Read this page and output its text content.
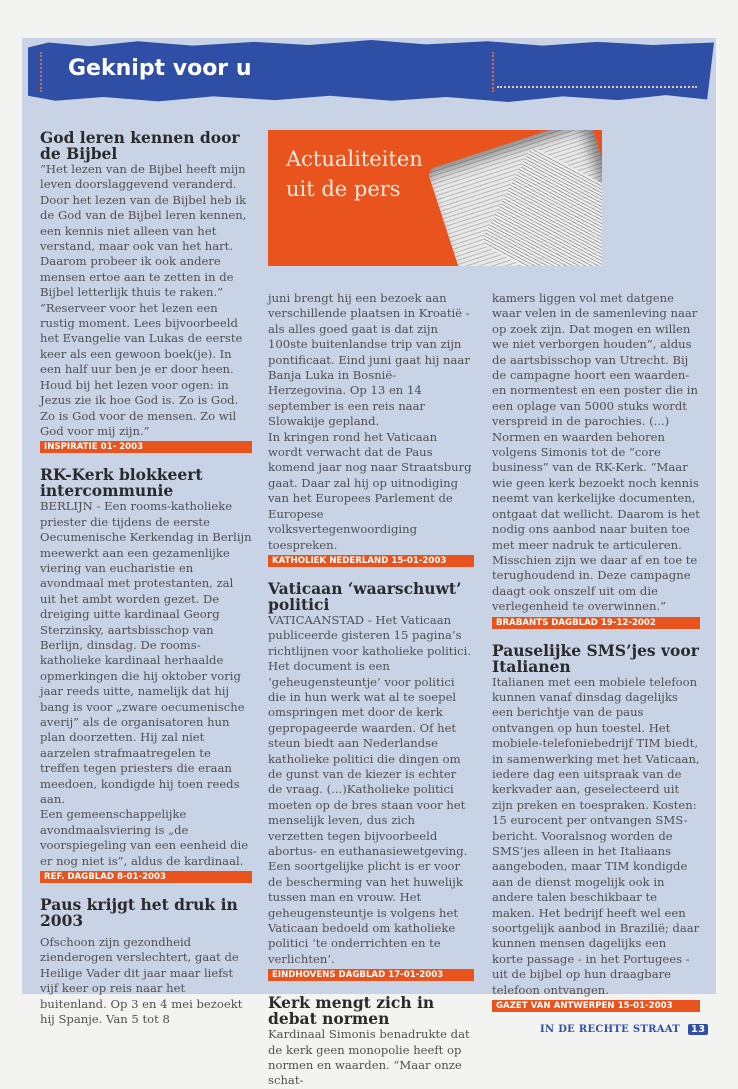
Geknipt voor u
Actualiteiten
uit de pers
God leren kennen door de Bijbel

“Het lezen van de Bijbel heeft mijn leven doorslaggevend veranderd. Door het lezen van de Bijbel heb ik de God van de Bijbel leren kennen, een kennis niet alleen van het verstand, maar ook van het hart. Daarom probeer ik ook andere mensen ertoe aan te zetten in de Bijbel letterlijk thuis te raken.”

“Reserveer voor het lezen een rustig moment. Lees bijvoorbeeld het Evangelie van Lukas de eerste keer als een gewoon boek(je). In een half uur ben je er door heen. Houd bij het lezen voor ogen: in Jezus zie ik hoe God is. Zo is God. Zo is God voor de mensen. Zo wil God voor mij zijn.”

INSPIRATIE 01- 2003
RK-Kerk blokkeert intercommunie

BERLIJN - Een rooms-katholieke priester die tijdens de eerste Oecumenische Kerkendag in Berlijn meewerkt aan een gezamenlijke viering van eucharistie en avondmaal met protestanten, zal uit het ambt worden gezet. De dreiging uitte kardinaal Georg Sterzinsky, aartsbisschop van Berlijn, dinsdag. De rooms-katholieke kardinaal herhaalde opmerkingen die hij oktober vorig jaar reeds uitte, namelijk dat hij bang is voor „zware oecumenische averij” als de organisatoren hun plan doorzetten. Hij zal niet aarzelen strafmaatregelen te treffen tegen priesters die eraan meedoen, kondigde hij toen reeds aan.

Een gemeenschappelijke avondmaalsviering is „de voorspiegeling van een eenheid die er nog niet is”, aldus de kardinaal.

REF. DAGBLAD 8-01-2003
Paus krijgt het druk in 2003

Ofschoon zijn gezondheid zienderogen verslechtert, gaat de Heilige Vader dit jaar maar liefst vijf keer op reis naar het buitenland. Op 3 en 4 mei bezoekt hij Spanje. Van 5 tot 8

juni brengt hij een bezoek aan verschillende plaatsen in Kroatië - als alles goed gaat is dat zijn 100ste buitenlandse trip van zijn pontificaat. Eind juni gaat hij naar Banja Luka in Bosnië-Herzegovina. Op 13 en 14 september is een reis naar Slowakije gepland.

In kringen rond het Vaticaan wordt verwacht dat de Paus komend jaar nog naar Straatsburg gaat. Daar zal hij op uitnodiging van het Europees Parlement de Europese volksvertegenwoordiging toespreken.

KATHOLIEK NEDERLAND 15-01-2003
Vaticaan ‘waarschuwt’ politici

VATICAANSTAD - Het Vaticaan publiceerde gisteren 15 pagina’s richtlijnen voor katholieke politici. Het document is een ‘geheugensteuntje’ voor politici die in hun werk wat al te soepel omspringen met door de kerk gepropageerde waarden. Of het steun biedt aan Nederlandse katholieke politici die dingen om de gunst van de kiezer is echter de vraag. (...)Katholieke politici moeten op de bres staan voor het menselijk leven, dus zich verzetten tegen bijvoorbeeld abortus- en euthanasiewetgeving. Een soortgelijke plicht is er voor de bescherming van het huwelijk tussen man en vrouw. Het geheugensteuntje is volgens het Vaticaan bedoeld om katholieke politici ‘te onderrichten en te verlichten’.

EINDHOVENS DAGBLAD 17-01-2003
Kerk mengt zich in debat normen

Kardinaal Simonis benadrukte dat de kerk geen monopolie heeft op normen en waarden. “Maar onze schat-

kamers liggen vol met datgene waar velen in de samenleving naar op zoek zijn. Dat mogen en willen we niet verborgen houden”, aldus de aartsbisschop van Utrecht. Bij de campagne hoort een waarden- en normentest en een poster die in een oplage van 5000 stuks wordt verspreid in de parochies. (...) Normen en waarden behoren volgens Simonis tot de “core business” van de RK-Kerk. “Maar wie geen kerk bezoekt noch kennis neemt van kerkelijke documenten, ontgaat dat wellicht. Daarom is het nodig ons aanbod naar buiten toe met meer nadruk te articuleren. Misschien zijn we daar af en toe te terughoudend in. Deze campagne daagt ook onszelf uit om die verlegenheid te overwinnen.”

BRABANTS DAGBLAD 19-12-2002
Pauselijke SMS’jes voor Italianen

Italianen met een mobiele telefoon kunnen vanaf dinsdag dagelijks een berichtje van de paus ontvangen op hun toestel. Het mobiele-telefoniebedrijf TIM biedt, in samenwerking met het Vaticaan, iedere dag een uitspraak van de kerkvader aan, geselecteerd uit zijn preken en toespraken. Kosten: 15 eurocent per ontvangen SMS-bericht. Vooralsnog worden de SMS’jes alleen in het Italiaans aangeboden, maar TIM kondigde aan de dienst mogelijk ook in andere talen beschikbaar te maken. Het bedrijf heeft wel een soortgelijk aanbod in Brazilië; daar kunnen mensen dagelijks een korte passage - in het Portugees - uit de bijbel op hun draagbare telefoon ontvangen.

GAZET VAN ANTWERPEN 15-01-2003
IN DE RECHTE STRAAT 13
